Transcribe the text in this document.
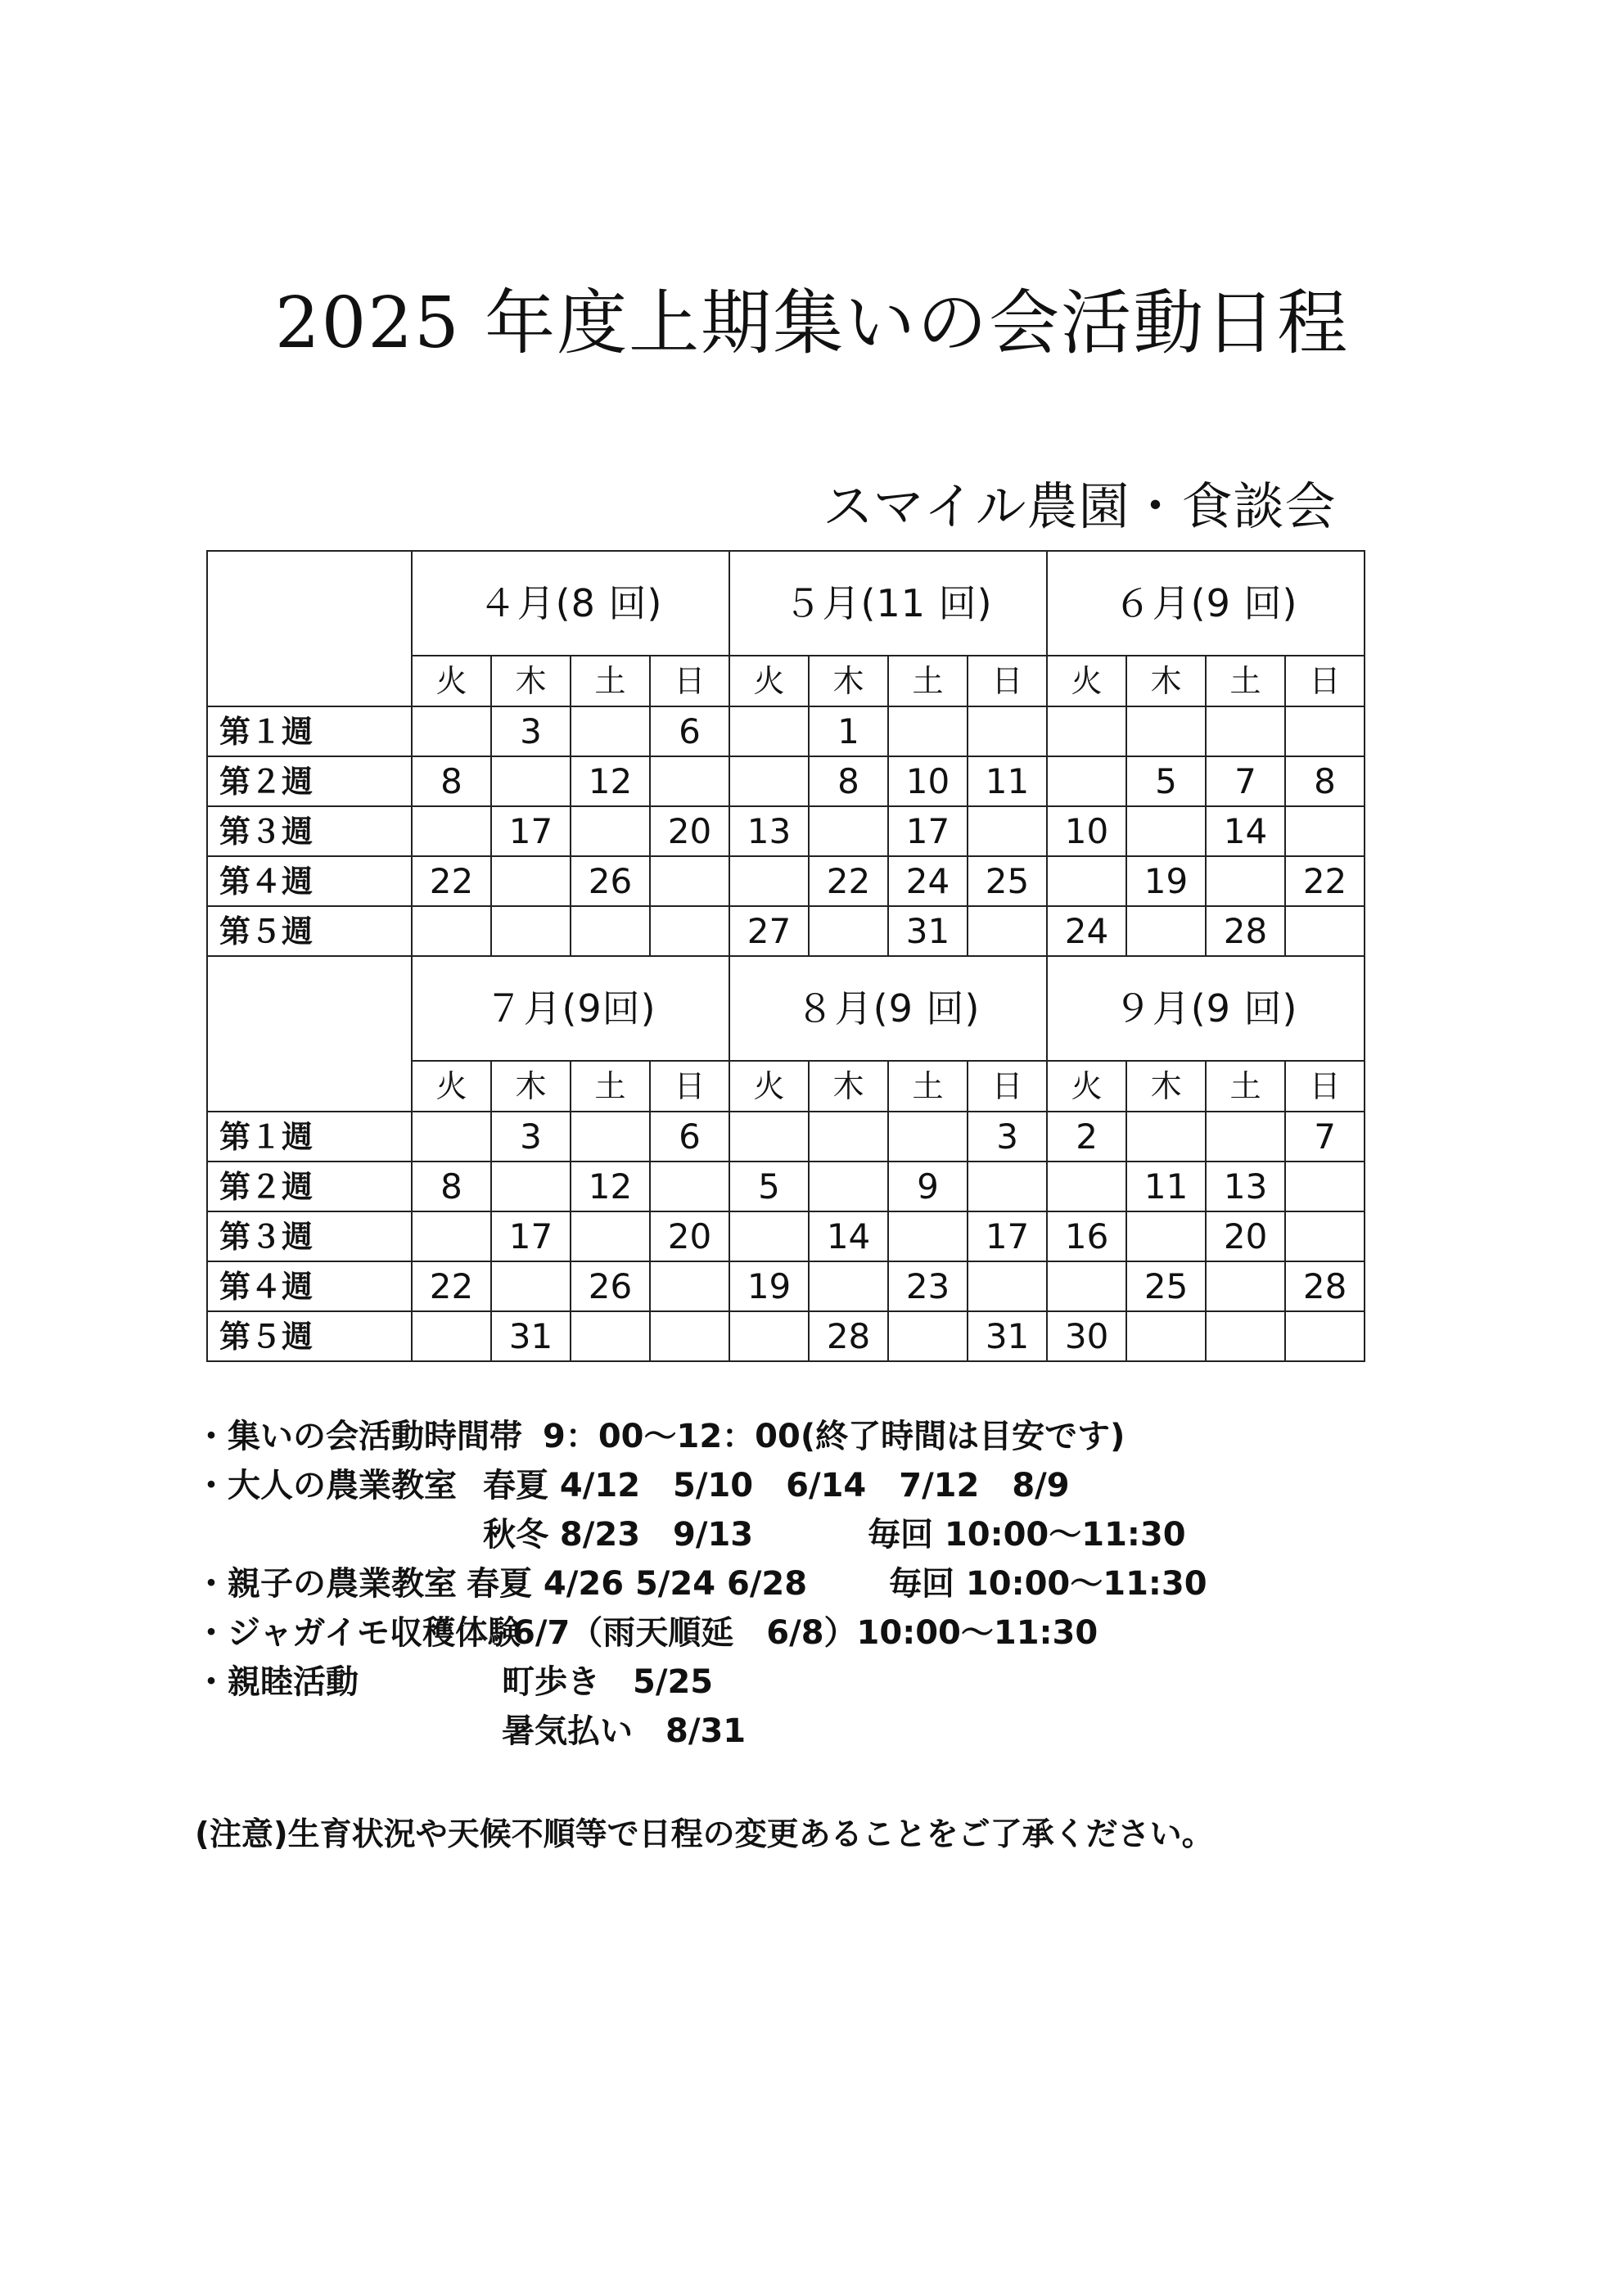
2025 年度上期集いの会活動日程
スマイル農園・食談会
	４月(8 回)				５月(11 回)				６月(9 回)			
	火	木	土	日	火	木	土	日	火	木	土	日
第１週		3		6		1						
第２週	8		12			8	10	11		5	7	8
第３週		17		20	13		17		10		14	
第４週	22		26			22	24	25		19		22
第５週					27		31		24		28	
	７月(9回)				８月(9 回)				９月(9 回)			
	火	木	土	日	火	木	土	日	火	木	土	日
第１週		3		6				3	2			7
第２週	8		12		5		9			11	13	
第３週		17		20		14		17	16		20	
第４週	22		26		19		23			25		28
第５週		31				28		31	30			
・集いの会活動時間帯 9：00～12：00(終了時間は目安です)
・大人の農業教室 春夏 4/12　5/10　6/14　7/12　8/9
秋冬 8/23　9/13	毎回 10:00～11:30
・親子の農業教室 春夏 4/26 5/24 6/28 毎回 10:00～11:30
・ジャガイモ収穫体験
6/7（雨天順延　6/8）10:00～11:30
・親睦活動	町歩き　5/25
暑気払い　8/31
(注意)生育状況や天候不順等で日程の変更あることをご了承ください。
